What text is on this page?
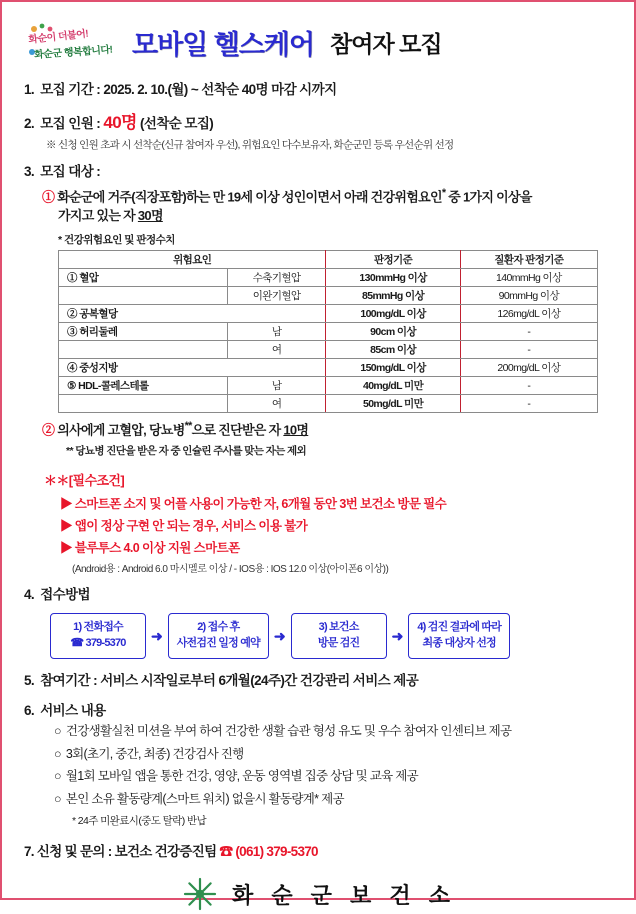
화순이 더불어!
화순군 행복합니다! 모바일 헬스케어 참여자 모집
1. 모집 기간 : 2025. 2. 10.(월) ~ 선착순 40명 마감 시까지
2. 모집 인원 : 40명 (선착순 모집)
※ 신청 인원 초과 시 선착순(신규 참여자 우선), 위험요인 다수보유자, 화순군민 등록 우선순위 선정
3. 모집 대상 :
① 화순군에 거주(직장포함)하는 만 19세 이상 성인이면서 아래 건강위험요인* 중 1가지 이상을
가지고 있는 자 30명
* 건강위험요인 및 판정수치
위험요인		판정기준	질환자 판정기준
① 혈압	수축기혈압	130mmHg 이상	140mmHg 이상
	이완기혈압	85mmHg 이상	90mmHg 이상
② 공복혈당		100mg/dL 이상	126mg/dL 이상
③ 허리둘레	남	90cm 이상	-
	여	85cm 이상	-
④ 중성지방		150mg/dL 이상	200mg/dL 이상
⑤ HDL-콜레스테롤	남	40mg/dL 미만	-
	여	50mg/dL 미만	-
② 의사에게 고혈압, 당뇨병**으로 진단받은 자 10명
** 당뇨병 진단을 받은 자 중 인슐린 주사를 맞는 자는 제외
＊＊[필수조건]
▶ 스마트폰 소지 및 어플 사용이 가능한 자, 6개월 동안 3번 보건소 방문 필수
▶ 앱이 정상 구현 안 되는 경우, 서비스 이용 불가
▶ 블루투스 4.0 이상 지원 스마트폰
(Android용 : Android 6.0 마시멜로 이상 / - IOS용 : IOS 12.0 이상(아이폰6 이상))
4. 접수방법
1) 전화접수
☎ 379-5370	➜
2) 접수 후
사전검진 일정 예약 ➜
3) 보건소
방문 검진	➜
4) 검진 결과에 따라
최종 대상자 선정
5. 참여기간 : 서비스 시작일로부터 6개월(24주)간 건강관리 서비스 제공
6. 서비스 내용
○ 건강생활실천 미션을 부여 하여 건강한 생활 습관 형성 유도 및 우수 참여자 인센티브 제공
○ 3회(초기, 중간, 최종) 건강검사 진행
○ 월1회 모바일 앱을 통한 건강, 영양, 운동 영역별 집중 상담 및 교육 제공
○ 본인 소유 활동량계(스마트 워치) 없을시 활동량계* 제공
* 24주 미완료시(중도 탈락) 반납
7. 신청 및 문의 : 보건소 건강증진팀 ☎ (061) 379-5370
화 순 군 보 건 소
